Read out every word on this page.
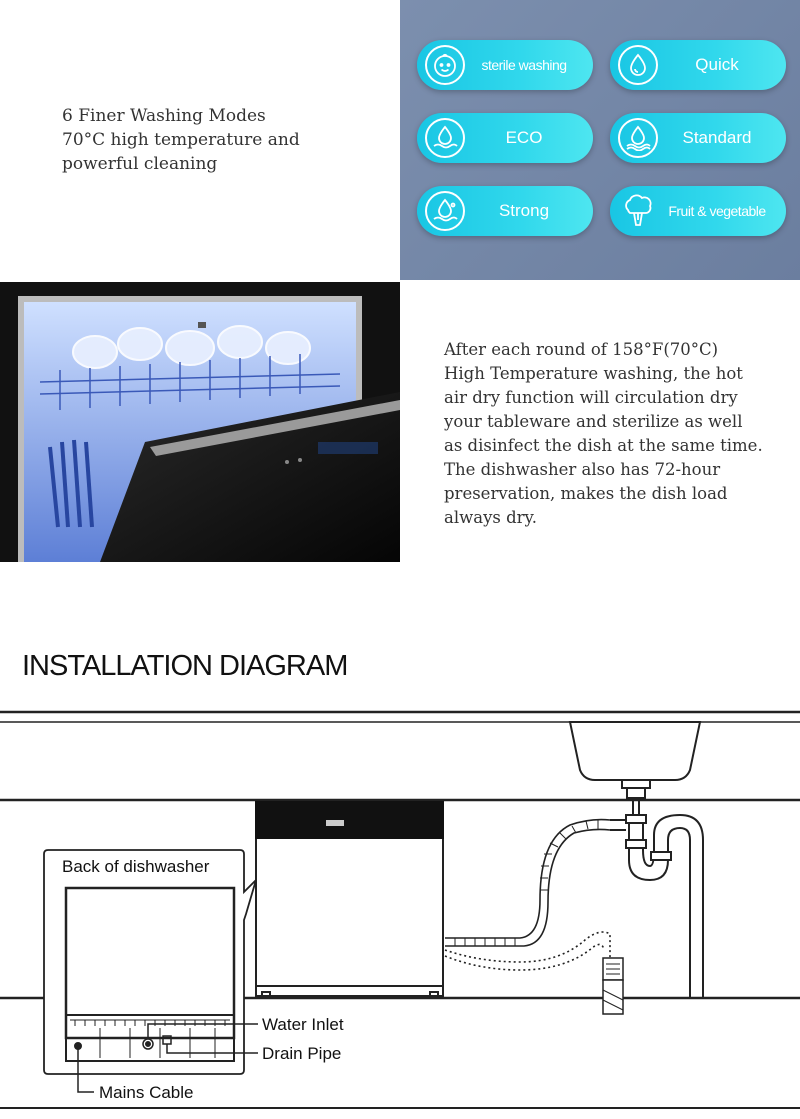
6 Finer Washing Modes
70°C high temperature and
powerful cleaning
sterile washing	Quick
ECO	Standard
Strong	Fruit & vegetable
After each round of 158°F(70°C)
High Temperature washing, the hot
air dry function will circulation dry
your tableware and sterilize as well
as disinfect the dish at the same time.
The dishwasher also has 72-hour
preservation, makes the dish load
always dry.
INSTALLATION DIAGRAM
Back of dishwasher
Water Inlet
Drain Pipe
Mains Cable
